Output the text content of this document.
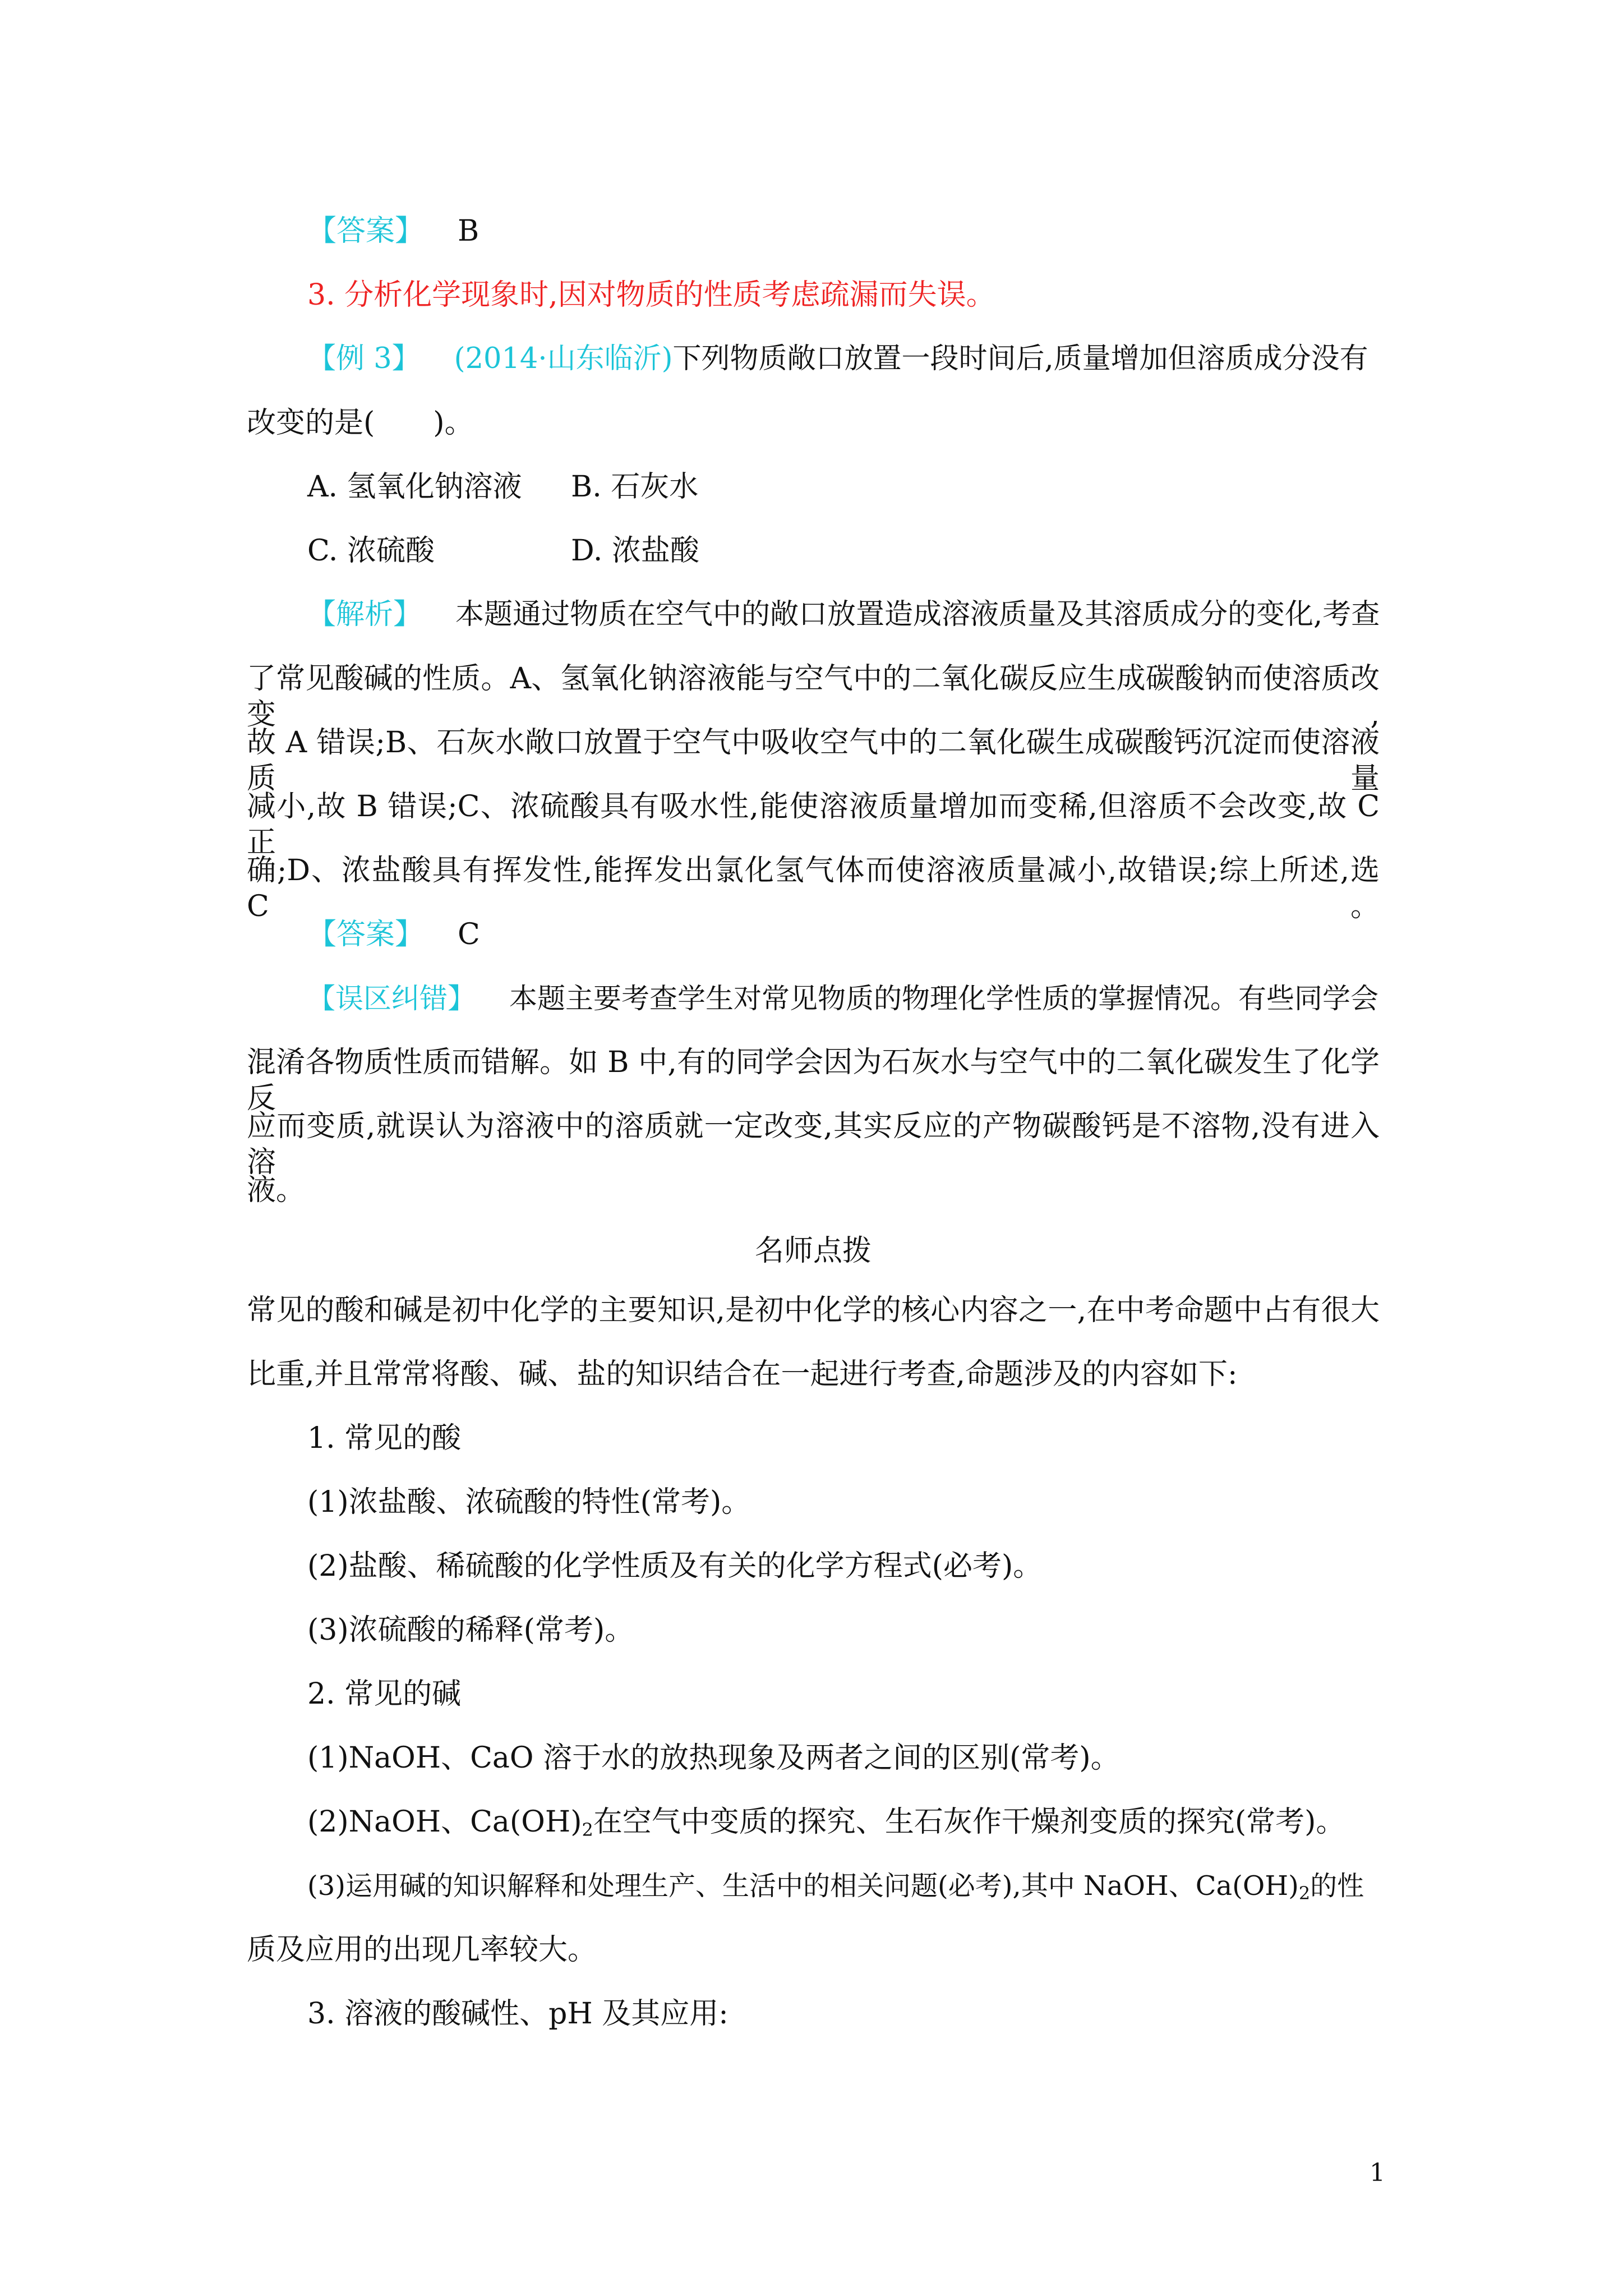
【答案】 B
3. 分析化学现象时,因对物质的性质考虑疏漏而失误。
【例 3】 (2014·山东临沂)下列物质敞口放置一段时间后,质量增加但溶质成分没有
改变的是(　　)。
A. 氢氧化钠溶液 B. 石灰水
C. 浓硫酸	D. 浓盐酸
【解析】 本题通过物质在空气中的敞口放置造成溶液质量及其溶质成分的变化,考查
了常见酸碱的性质。A、氢氧化钠溶液能与空气中的二氧化碳反应生成碳酸钠而使溶质改变,
故 A 错误;B、石灰水敞口放置于空气中吸收空气中的二氧化碳生成碳酸钙沉淀而使溶液质量
减小,故 B 错误;C、浓硫酸具有吸水性,能使溶液质量增加而变稀,但溶质不会改变,故 C 正
确;D、浓盐酸具有挥发性,能挥发出氯化氢气体而使溶液质量减小,故错误;综上所述,选 C。
【答案】 C
【误区纠错】 本题主要考查学生对常见物质的物理化学性质的掌握情况。有些同学会
混淆各物质性质而错解。如 B 中,有的同学会因为石灰水与空气中的二氧化碳发生了化学反
应而变质,就误认为溶液中的溶质就一定改变,其实反应的产物碳酸钙是不溶物,没有进入溶
液。
名师点拨
常见的酸和碱是初中化学的主要知识,是初中化学的核心内容之一,在中考命题中占有很大
比重,并且常常将酸、碱、盐的知识结合在一起进行考查,命题涉及的内容如下:
1. 常见的酸
(1)浓盐酸、浓硫酸的特性(常考)。
(2)盐酸、稀硫酸的化学性质及有关的化学方程式(必考)。
(3)浓硫酸的稀释(常考)。
2. 常见的碱
(1)NaOH、CaO 溶于水的放热现象及两者之间的区别(常考)。
(2)NaOH、$Ca(OH)_2$在空气中变质的探究、生石灰作干燥剂变质的探究(常考)。
(3)运用碱的知识解释和处理生产、生活中的相关问题(必考),其中 NaOH、$Ca(OH)_2$的性
质及应用的出现几率较大。
3. 溶液的酸碱性、pH 及其应用:
1
